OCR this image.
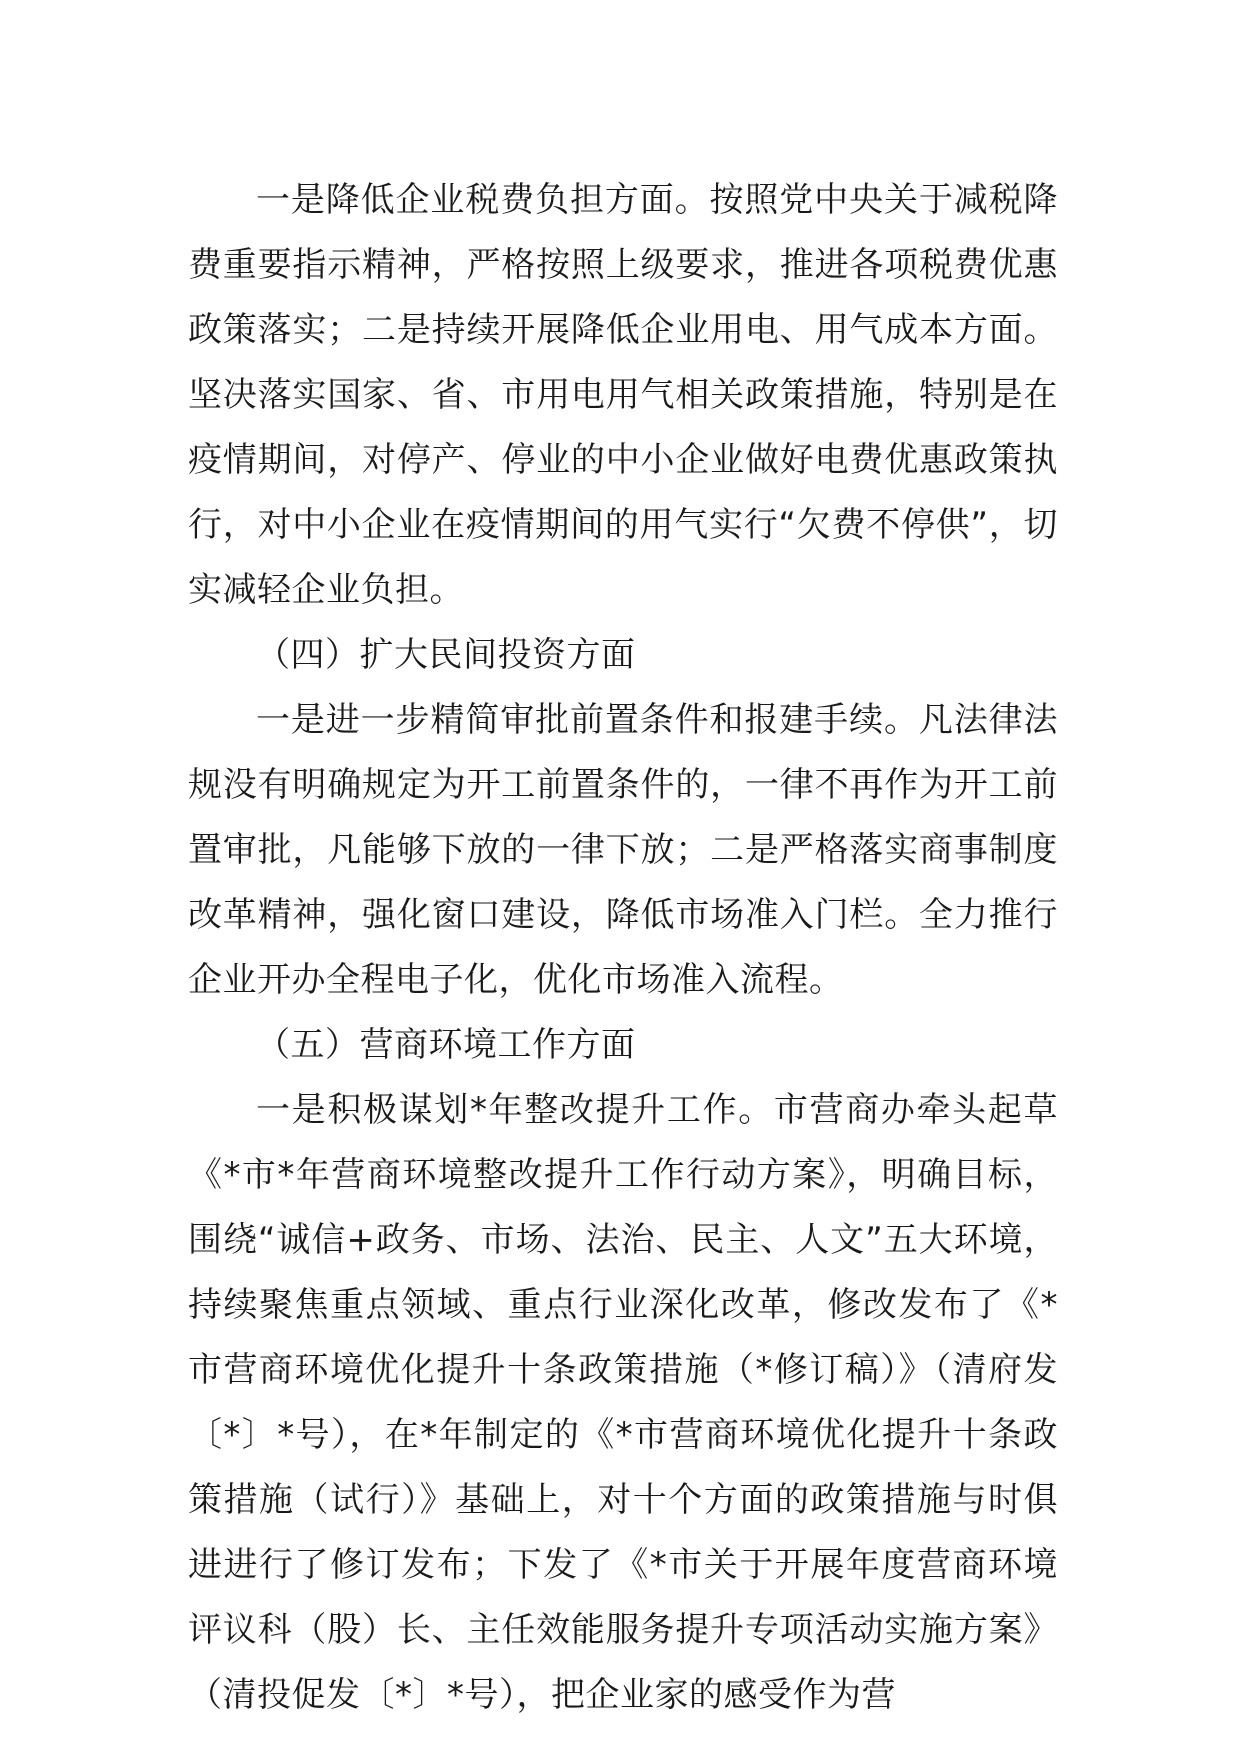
一是降低企业税费负担方面。按照党中央关于减税降费重要指示精神，严格按照上级要求，推进各项税费优惠政策落实；二是持续开展降低企业用电、用气成本方面。坚决落实国家、省、市用电用气相关政策措施，特别是在疫情期间，对停产、停业的中小企业做好电费优惠政策执行，对中小企业在疫情期间的用气实行“欠费不停供”，切实减轻企业负担。

（四）扩大民间投资方面

一是进一步精简审批前置条件和报建手续。凡法律法规没有明确规定为开工前置条件的，一律不再作为开工前置审批，凡能够下放的一律下放；二是严格落实商事制度改革精神，强化窗口建设，降低市场准入门栏。全力推行企业开办全程电子化，优化市场准入流程。

（五）营商环境工作方面

一是积极谋划*年整改提升工作。市营商办牵头起草《*市*年营商环境整改提升工作行动方案》，明确目标，围绕“诚信+政务、市场、法治、民主、人文”五大环境，持续聚焦重点领域、重点行业深化改革，修改发布了《*市营商环境优化提升十条政策措施（*修订稿）》（清府发〔*〕*号），在*年制定的《*市营商环境优化提升十条政策措施（试行）》基础上，对十个方面的政策措施与时俱进进行了修订发布；下发了《*市关于开展年度营商环境评议科（股）长、主任效能服务提升专项活动实施方案》（清投促发〔*〕*号），把企业家的感受作为营
